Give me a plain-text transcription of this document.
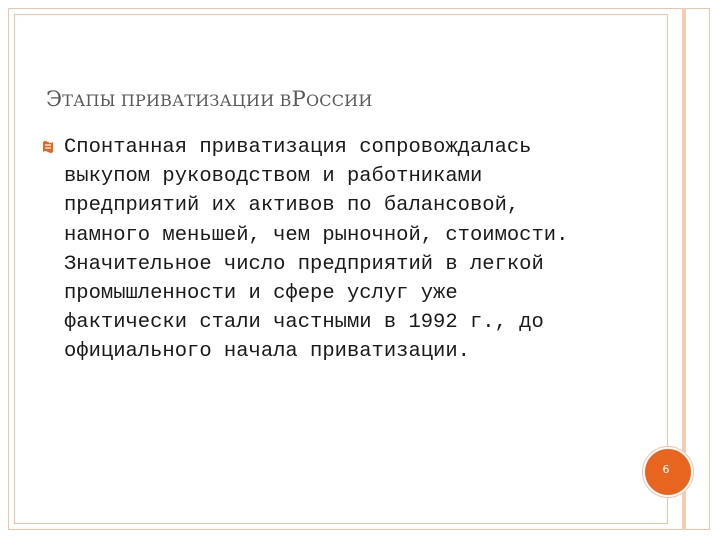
ЭТАПЫ ПРИВАТИЗАЦИИ ВРОССИИ

Спонтанная приватизация сопровождалась
выкупом руководством и работниками
предприятий их активов по балансовой,
намного меньшей, чем рыночной, стоимости.
Значительное число предприятий в легкой
промышленности и сфере услуг уже
фактически стали частными в 1992 г., до
официального начала приватизации.

6
